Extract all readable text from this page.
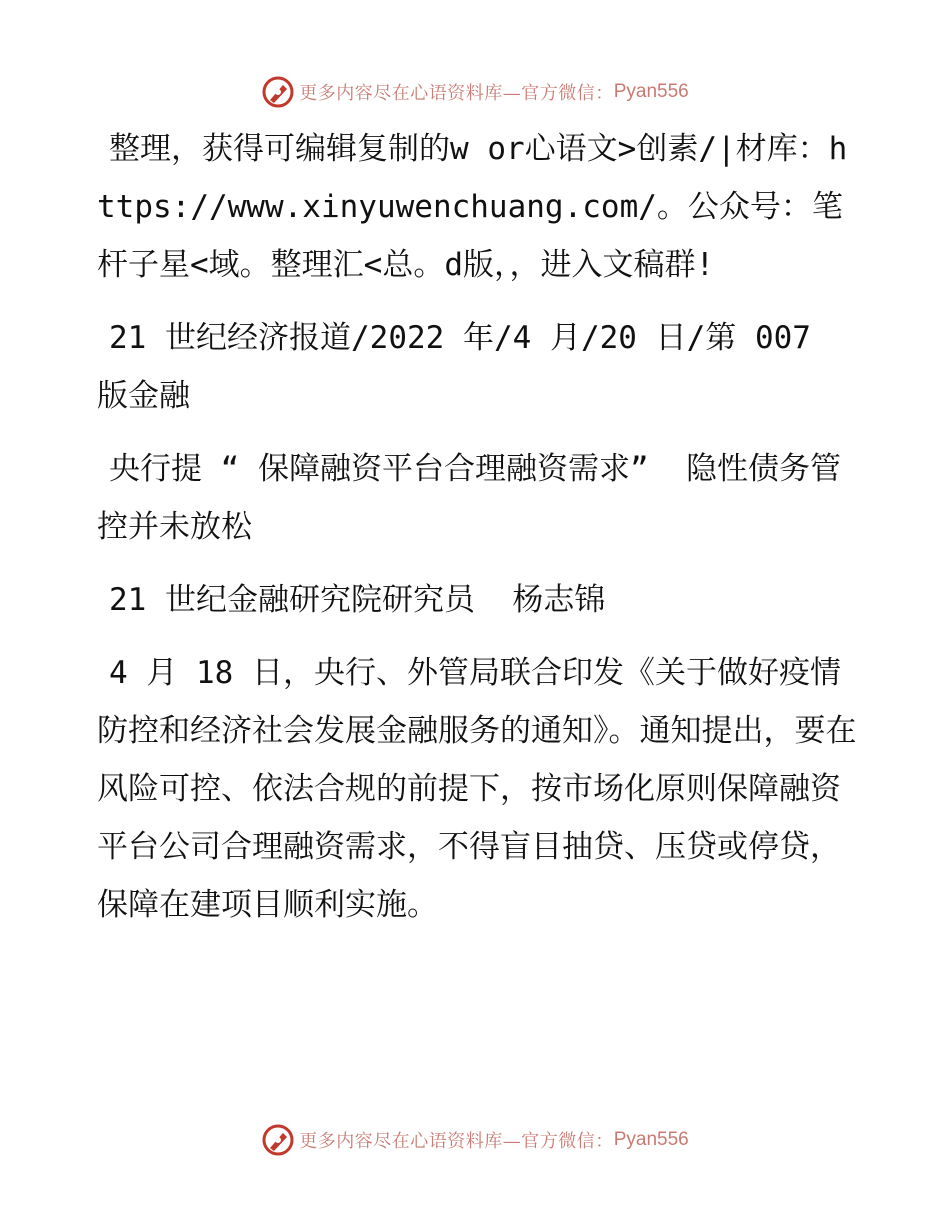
更多内容尽在心语资料库—官方微信： Pyan556

整理，获得可编辑复制的w or心语文>创素/|材库：https://www.xinyuwenchuang.com/。公众号：笔杆子星<域。整理汇<总。d版，，进入文稿群!

21 世纪经济报道/2022 年/4 月/20 日/第 007 版金融

央行提 “ 保障融资平台合理融资需求”  隐性债务管控并未放松

21 世纪金融研究院研究员  杨志锦

4 月 18 日，央行、外管局联合印发《关于做好疫情防控和经济社会发展金融服务的通知》。通知提出，要在风险可控、依法合规的前提下，按市场化原则保障融资平台公司合理融资需求，不得盲目抽贷、压贷或停贷，保障在建项目顺利实施。

更多内容尽在心语资料库—官方微信： Pyan556
